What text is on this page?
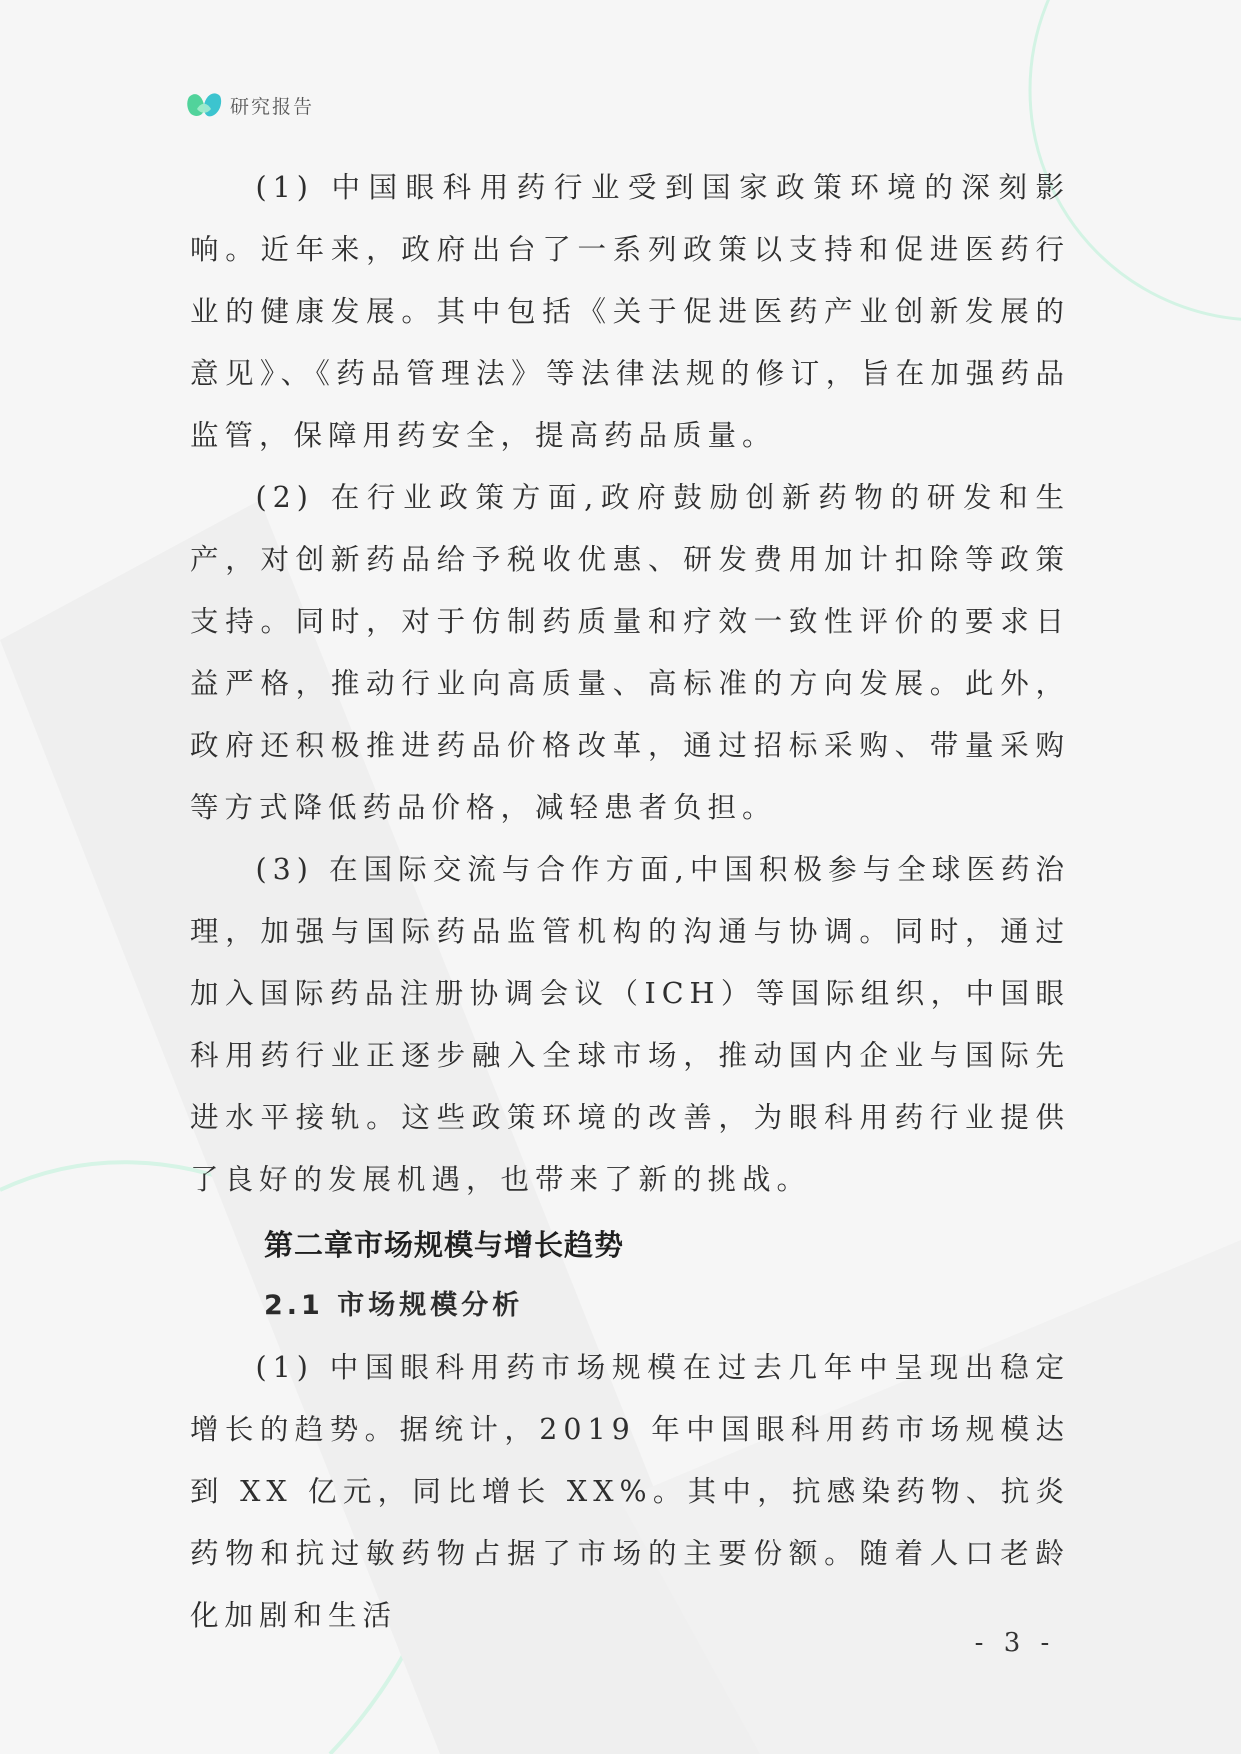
研究报告

(1) 中国眼科用药行业受到国家政策环境的深刻影响。近年来，政府出台了一系列政策以支持和促进医药行业的健康发展。其中包括《关于促进医药产业创新发展的意见》、《药品管理法》等法律法规的修订，旨在加强药品监管，保障用药安全，提高药品质量。

(2) 在行业政策方面,政府鼓励创新药物的研发和生产，对创新药品给予税收优惠、研发费用加计扣除等政策支持。同时，对于仿制药质量和疗效一致性评价的要求日益严格，推动行业向高质量、高标准的方向发展。此外，政府还积极推进药品价格改革，通过招标采购、带量采购等方式降低药品价格，减轻患者负担。

(3) 在国际交流与合作方面,中国积极参与全球医药治理，加强与国际药品监管机构的沟通与协调。同时，通过加入国际药品注册协调会议（ICH）等国际组织，中国眼科用药行业正逐步融入全球市场，推动国内企业与国际先进水平接轨。这些政策环境的改善，为眼科用药行业提供了良好的发展机遇，也带来了新的挑战。

第二章市场规模与增长趋势
2.1 市场规模分析

(1) 中国眼科用药市场规模在过去几年中呈现出稳定增长的趋势。据统计，2019 年中国眼科用药市场规模达到 XX 亿元，同比增长 XX%。其中，抗感染药物、抗炎药物和抗过敏药物占据了市场的主要份额。随着人口老龄化加剧和生活

- 3 -
